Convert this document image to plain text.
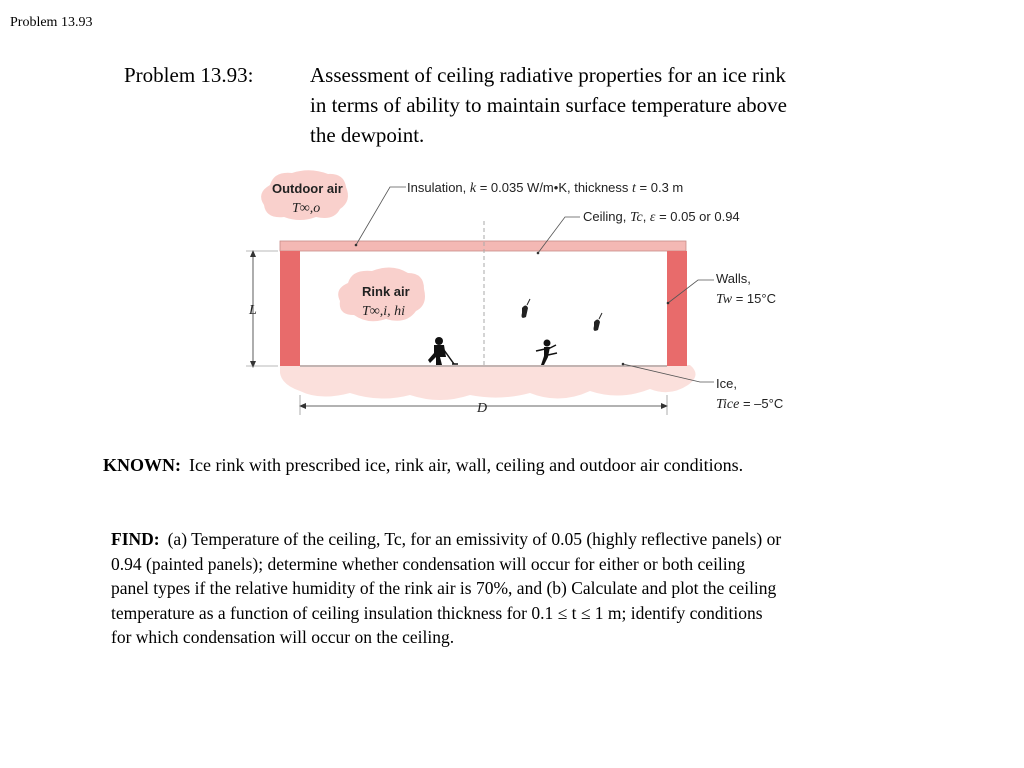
Problem 13.93
Problem 13.93:	Assessment of ceiling radiative properties for an ice rink
in terms of ability to maintain surface temperature above
the dewpoint.
Outdoor air
T∞,o
Rink air
T∞,i, hi
Insulation, k = 0.035 W/m•K, thickness t = 0.3 m
Ceiling, Tc, ε = 0.05 or 0.94
Walls,
Tw = 15°C
Ice,
Tice = –5°C
L
D
KNOWN: Ice rink with prescribed ice, rink air, wall, ceiling and outdoor air conditions.
FIND: (a) Temperature of the ceiling, Tc, for an emissivity of 0.05 (highly reflective panels) or
0.94 (painted panels); determine whether condensation will occur for either or both ceiling
panel types if the relative humidity of the rink air is 70%, and (b) Calculate and plot the ceiling
temperature as a function of ceiling insulation thickness for 0.1 ≤ t ≤ 1 m; identify conditions
for which condensation will occur on the ceiling.
